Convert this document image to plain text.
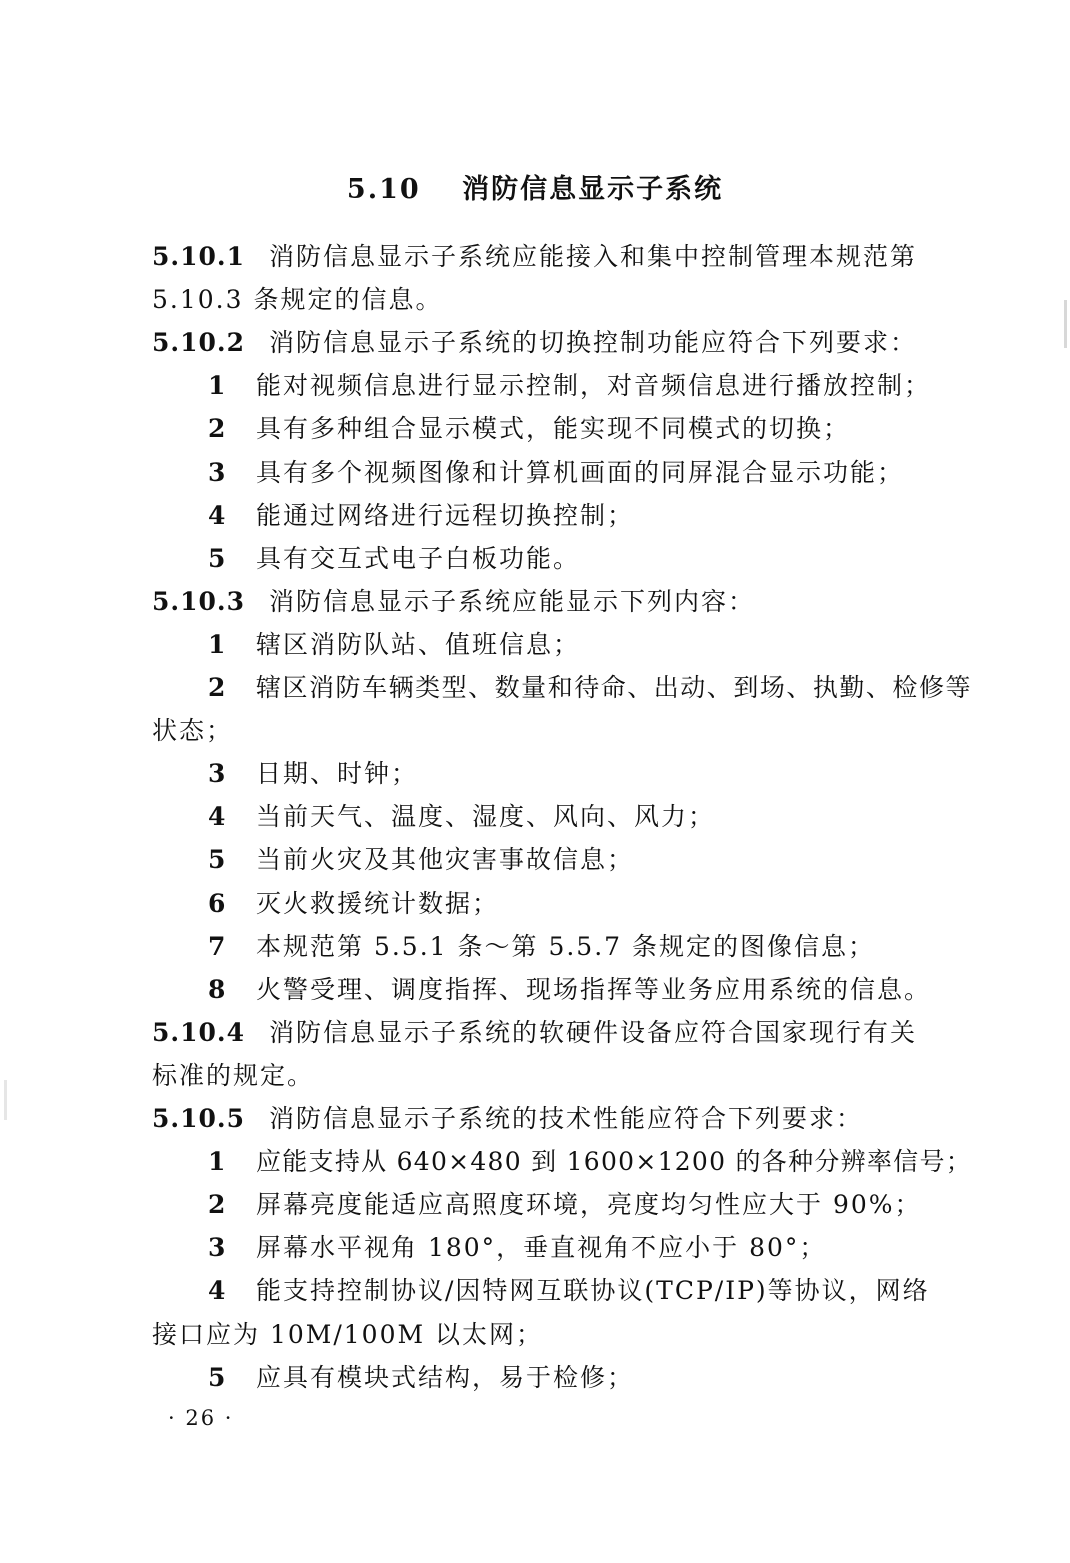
5.10 消防信息显示子系统
5.10.1 消防信息显示子系统应能接入和集中控制管理本规范第
5.10.3 条规定的信息。
5.10.2 消防信息显示子系统的切换控制功能应符合下列要求：
1 能对视频信息进行显示控制，对音频信息进行播放控制；
2 具有多种组合显示模式，能实现不同模式的切换；
3 具有多个视频图像和计算机画面的同屏混合显示功能；
4 能通过网络进行远程切换控制；
5 具有交互式电子白板功能。
5.10.3 消防信息显示子系统应能显示下列内容：
1 辖区消防队站、值班信息；
2 辖区消防车辆类型、数量和待命、出动、到场、执勤、检修等
状态；
3 日期、时钟；
4 当前天气、温度、湿度、风向、风力；
5 当前火灾及其他灾害事故信息；
6 灭火救援统计数据；
7 本规范第 5.5.1 条～第 5.5.7 条规定的图像信息；
8 火警受理、调度指挥、现场指挥等业务应用系统的信息。
5.10.4 消防信息显示子系统的软硬件设备应符合国家现行有关
标准的规定。
5.10.5 消防信息显示子系统的技术性能应符合下列要求：
1 应能支持从 640×480 到 1600×1200 的各种分辨率信号；
2 屏幕亮度能适应高照度环境，亮度均匀性应大于 90%；
3 屏幕水平视角 180°，垂直视角不应小于 80°；
4 能支持控制协议/因特网互联协议(TCP/IP)等协议，网络
接口应为 10M/100M 以太网；
5 应具有模块式结构，易于检修；
· 26 ·
